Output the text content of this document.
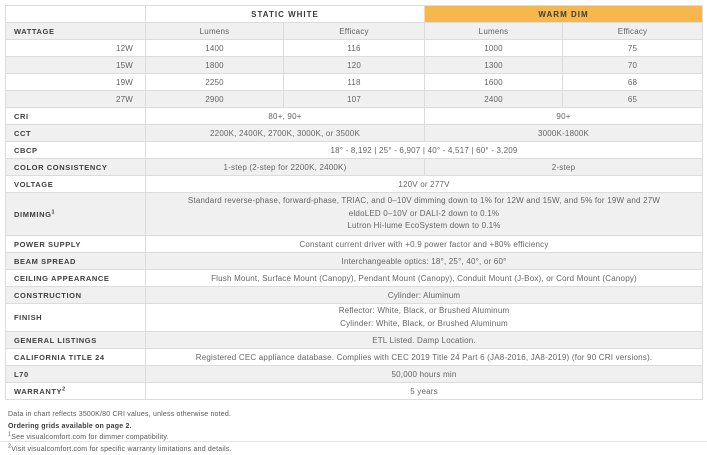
	STATIC WHITE		WARM DIM	
WATTAGE	Lumens	Efficacy	Lumens	Efficacy
12W	1400	116	1000	75
15W	1800	120	1300	70
19W	2250	118	1600	68
27W	2900	107	2400	65
CRI	80+, 90+		90+	
CCT	2200K, 2400K, 2700K, 3000K, or 3500K		3000K-1800K	
CBCP	18° - 8,192 | 25° - 6,907 | 40° - 4,517 | 60° - 3,209			
COLOR CONSISTENCY	1-step (2-step for 2200K, 2400K)		2-step	
VOLTAGE	120V or 277V			
DIMMING$^1$	Standard reverse-phase, forward-phase, TRIAC, and 0–10V dimming down to 1% for 12W and 15W, and 5% for 19W and 27W
eldoLED 0–10V or DALI-2 down to 0.1%
Lutron Hi-lume EcoSystem down to 0.1%			

POWER SUPPLY	Constant current driver with +0.9 power factor and +80% efficiency			
BEAM SPREAD	Interchangeable optics: 18°, 25°, 40°, or 60°			
CEILING APPEARANCE	Flush Mount, Surface Mount (Canopy), Pendant Mount (Canopy), Conduit Mount (J-Box), or Cord Mount (Canopy)			
CONSTRUCTION	Cylinder: Aluminum			
FINISH	Reflector: White, Black, or Brushed Aluminum
Cylinder: White, Black, or Brushed Aluminum			

GENERAL LISTINGS	ETL Listed. Damp Location.			
CALIFORNIA TITLE 24	Registered CEC appliance database. Complies with CEC 2019 Title 24 Part 6 (JA8-2016, JA8-2019) (for 90 CRI versions).			
L70	50,000 hours min			
WARRANTY$^2$	5 years			

Data in chart reflects 3500K/80 CRI values, unless otherwise noted.

Ordering grids available on page 2.

$^1$See visualcomfort.com for dimmer compatibility.

$^2$Visit visualcomfort.com for specific warranty limitations and details.
